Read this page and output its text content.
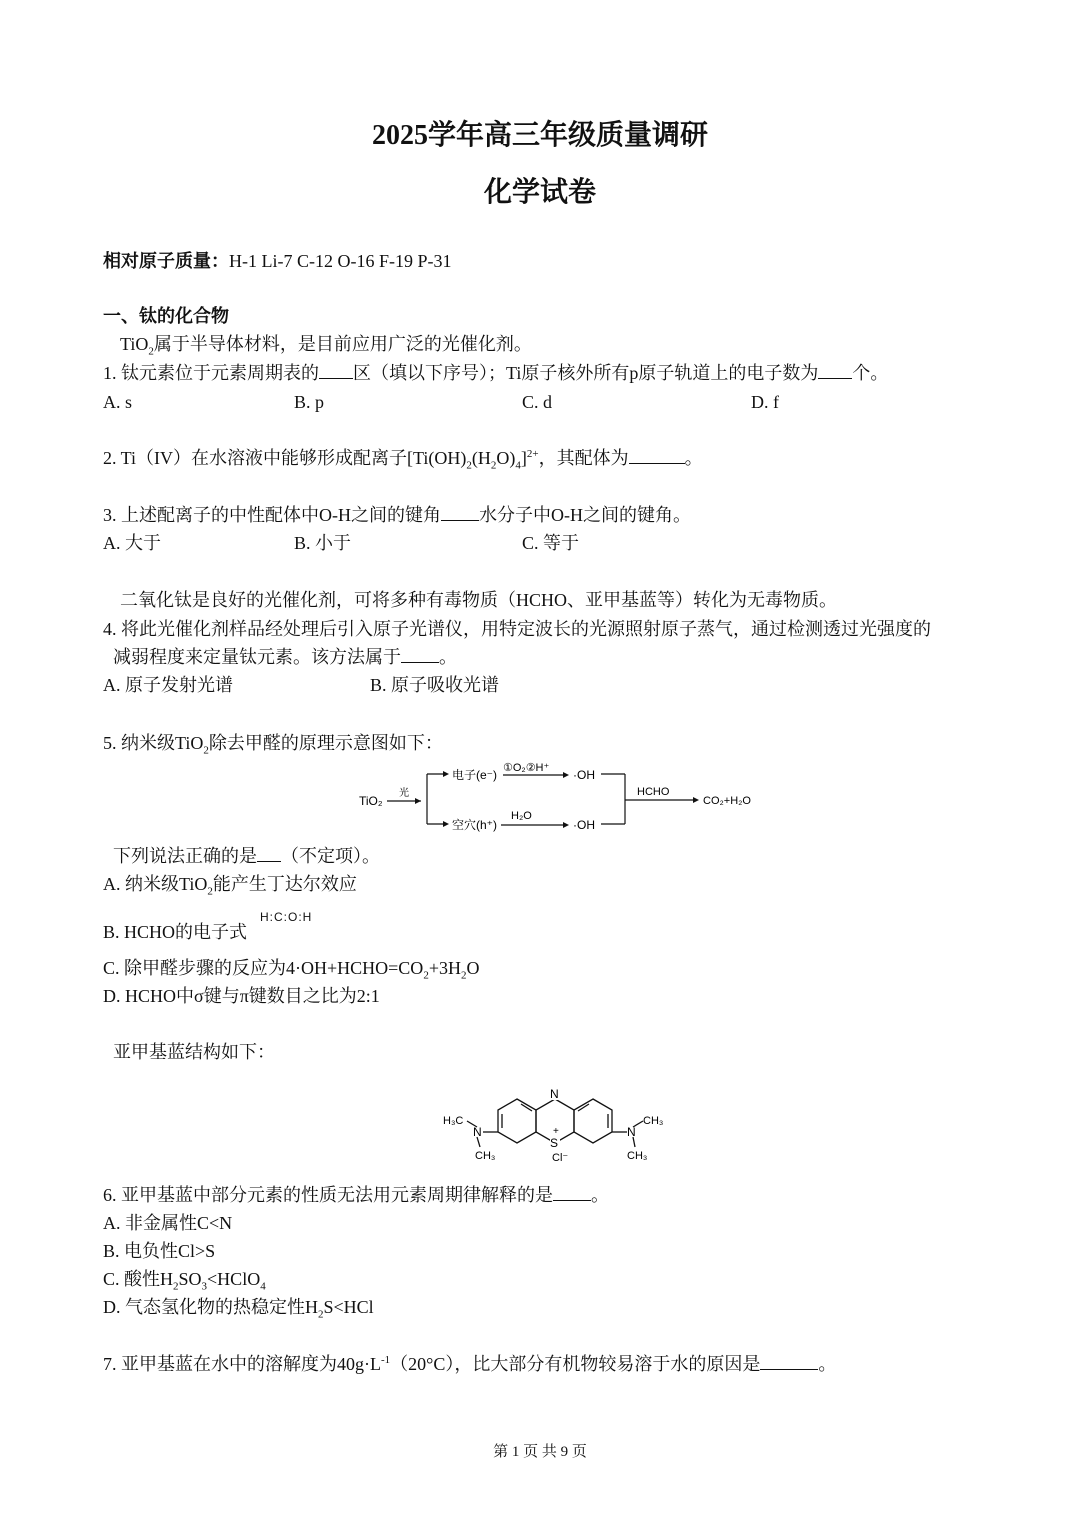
2025学年高三年级质量调研
化学试卷
相对原子质量：H-1 Li-7 C-12 O-16 F-19 P-31
一、钛的化合物
TiO$_2$属于半导体材料，是目前应用广泛的光催化剂。
1. 钛元素位于元素周期表的 区（填以下序号）；Ti原子核外所有p原子轨道上的电子数为 个。
A. s	B. p	C. d	D. f
2. Ti（IV）在水溶液中能够形成配离子$[Ti(OH)_2(H_2O)_4]^{2+}$，其配体为	。
3. 上述配离子的中性配体中O-H之间的键角 水分子中O-H之间的键角。
A. 大于	B. 小于	C. 等于
二氧化钛是良好的光催化剂，可将多种有毒物质（HCHO、亚甲基蓝等）转化为无毒物质。
4. 将此光催化剂样品经处理后引入原子光谱仪，用特定波长的光源照射原子蒸气，通过检测透过光强度的
减弱程度来定量钛元素。该方法属于 。
A. 原子发射光谱	B. 原子吸收光谱
5. 纳米级TiO$_2$除去甲醛的原理示意图如下：
TiO₂
光
电子(e⁻) ①O₂②H⁺ ·OH
空穴(h⁺)
H₂O
·OH
HCHO
CO₂+H₂O
下列说法正确的是 （不定项）。
A. 纳米级TiO$_2$能产生丁达尔效应
B. HCHO的电子式
H:C:O:H
C. 除甲醛步骤的反应为$4\cdot OH+HCHO=CO_2+3H_2O$
D. HCHO中σ键与π键数目之比为2:1
亚甲基蓝结构如下：
N
S
+
Cl⁻
H₃C
N
CH₃
N
CH₃
CH₃
6. 亚甲基蓝中部分元素的性质无法用元素周期律解释的是 。
A. 非金属性C<N
B. 电负性Cl>S
C. 酸性$H_2SO_3<HClO_4$
D. 气态氢化物的热稳定性$H_2S<HCl$
7. 亚甲基蓝在水中的溶解度为$40g\cdot L^{-1}(20^\circ C)$，比大部分有机物较易溶于水的原因是	。
第 1 页 共 9 页
